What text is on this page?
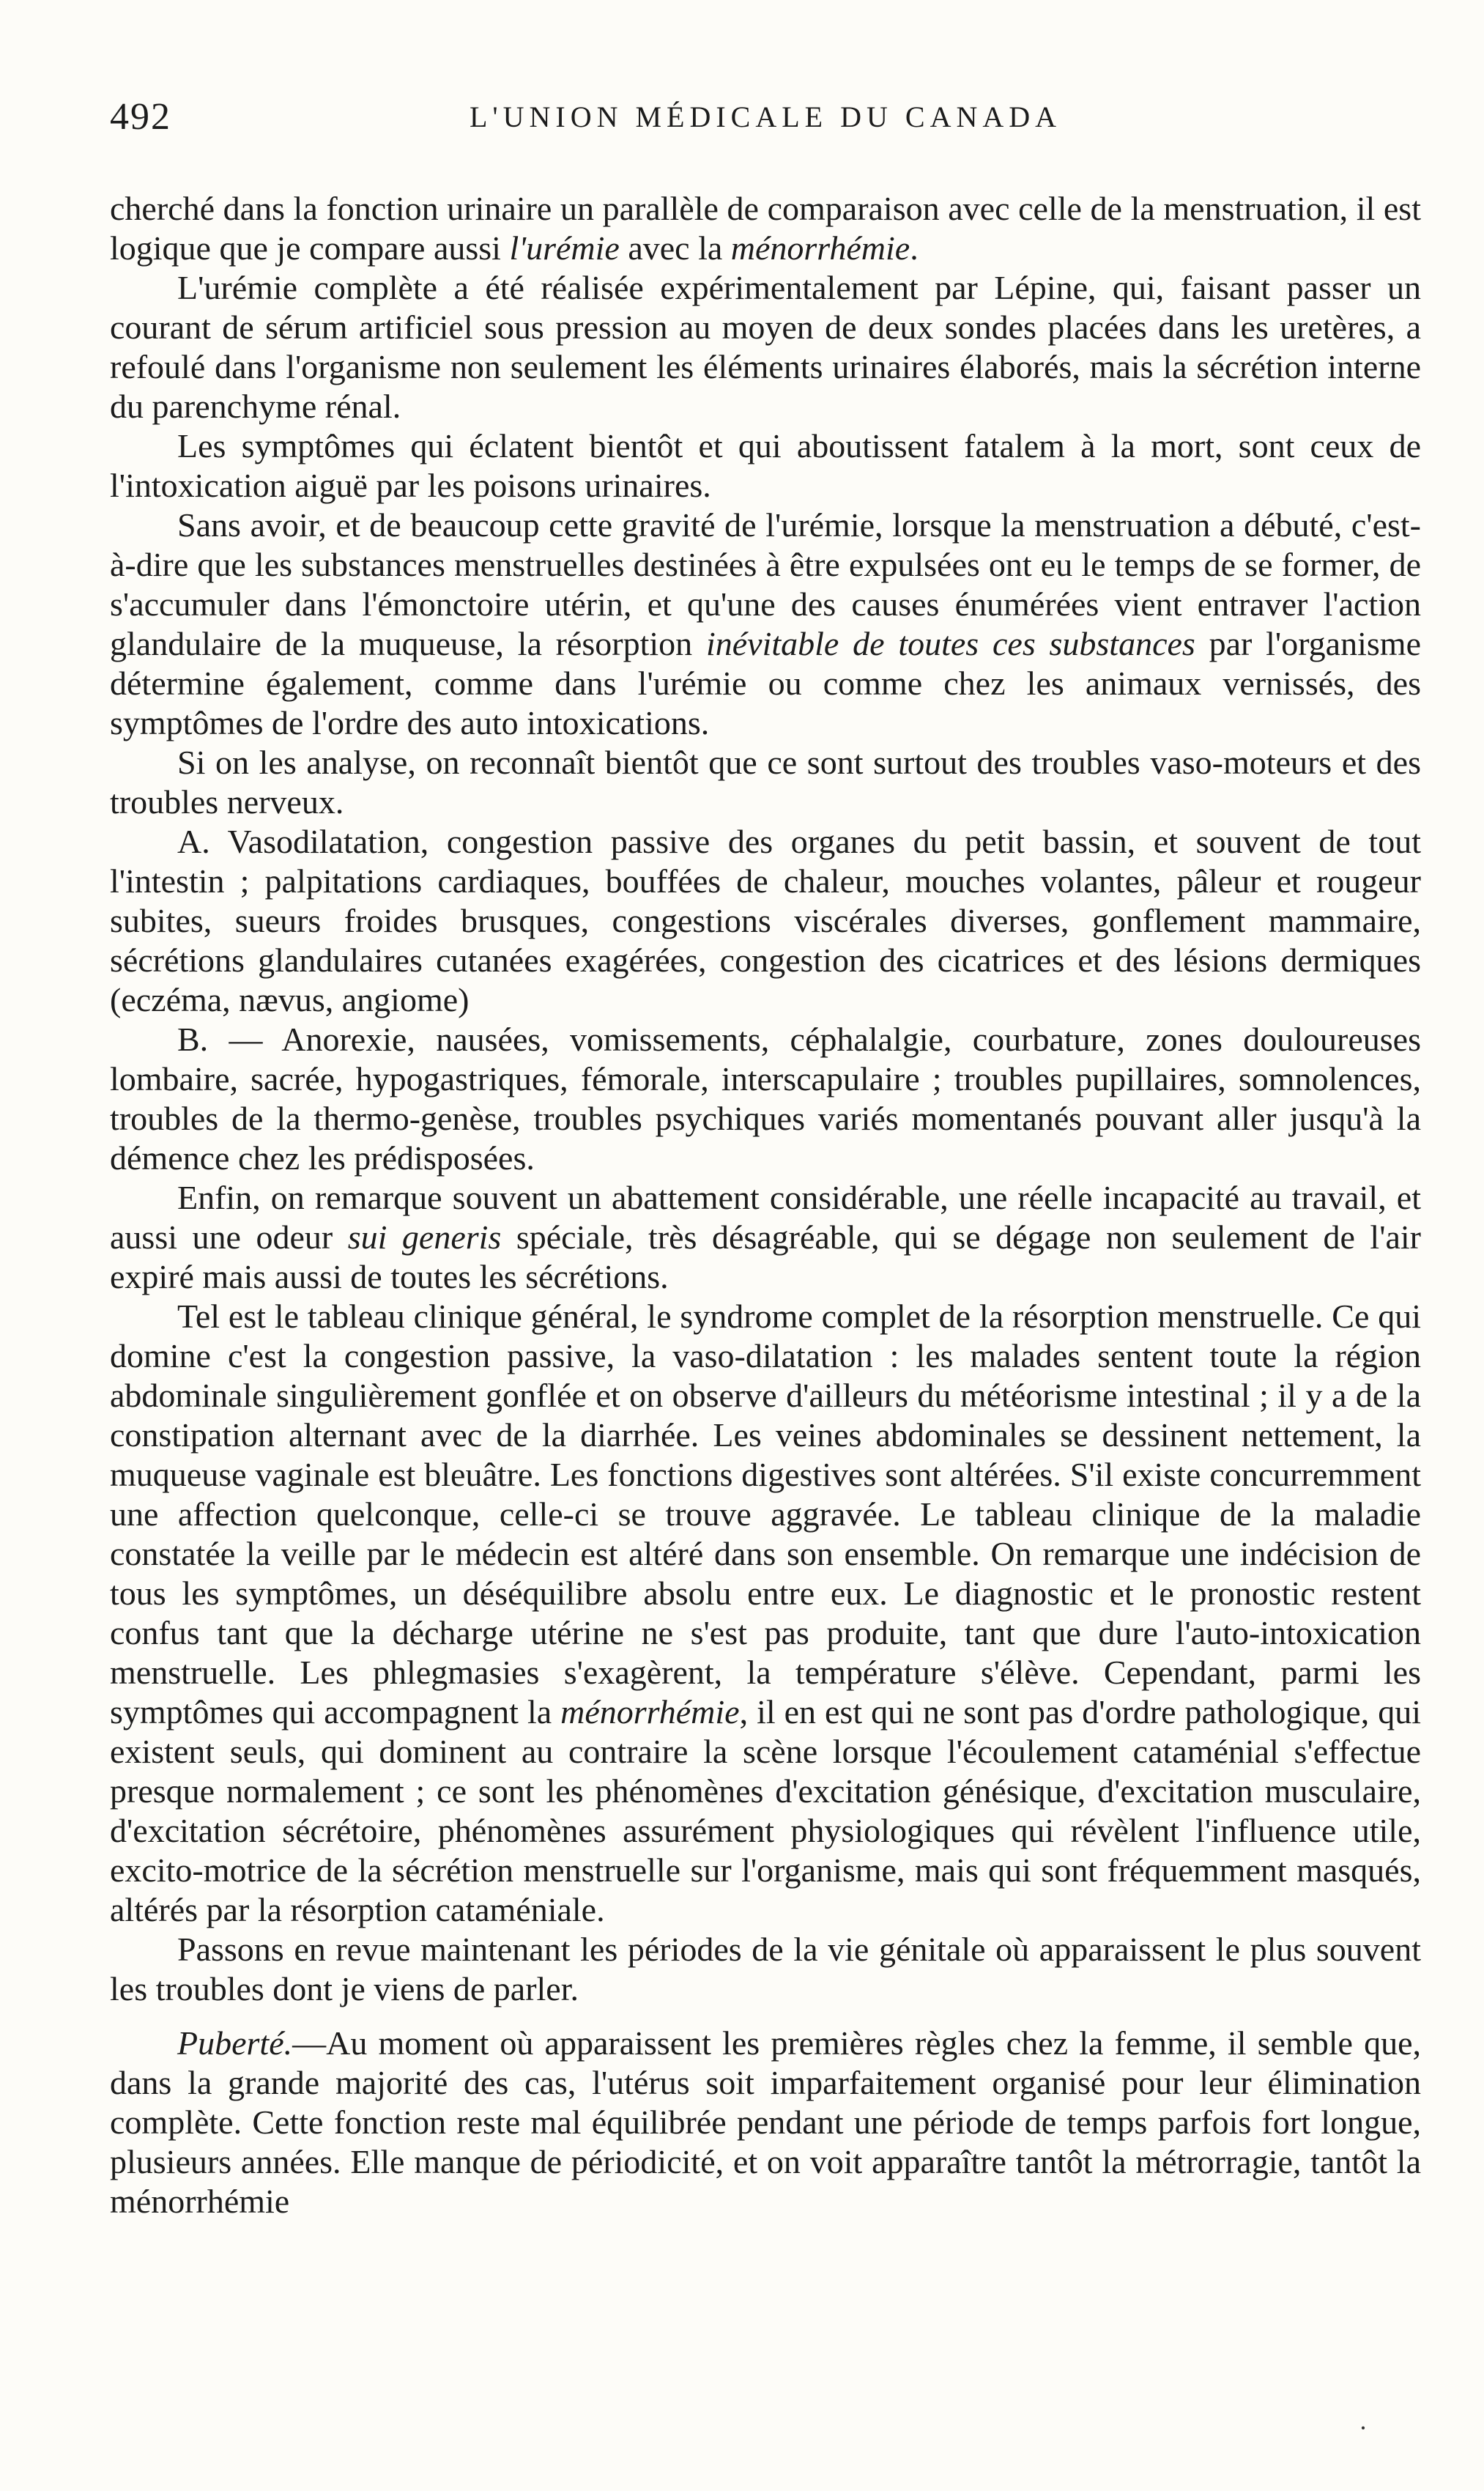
492	L'UNION MÉDICALE DU CANADA

cherché dans la fonction urinaire un parallèle de comparaison avec celle de la menstruation, il est logique que je compare aussi l'urémie avec la ménorrhémie.

L'urémie complète a été réalisée expérimentalement par Lépine, qui, faisant passer un courant de sérum artificiel sous pression au moyen de deux sondes placées dans les uretères, a refoulé dans l'organisme non seulement les éléments urinaires élaborés, mais la sécrétion interne du parenchyme rénal.

Les symptômes qui éclatent bientôt et qui aboutissent fatalem à la mort, sont ceux de l'intoxication aiguë par les poisons urinaires.

Sans avoir, et de beaucoup cette gravité de l'urémie, lorsque la menstruation a débuté, c'est-à-dire que les substances menstruelles destinées à être expulsées ont eu le temps de se former, de s'accumuler dans l'émonctoire utérin, et qu'une des causes énumérées vient entraver l'action glandulaire de la muqueuse, la résorption inévitable de toutes ces substances par l'organisme détermine également, comme dans l'urémie ou comme chez les animaux vernissés, des symptômes de l'ordre des auto intoxications.

Si on les analyse, on reconnaît bientôt que ce sont surtout des troubles vaso-moteurs et des troubles nerveux.

A. Vasodilatation, congestion passive des organes du petit bassin, et souvent de tout l'intestin ; palpitations cardiaques, bouffées de chaleur, mouches volantes, pâleur et rougeur subites, sueurs froides brusques, congestions viscérales diverses, gonflement mammaire, sécrétions glandulaires cutanées exagérées, congestion des cicatrices et des lésions dermiques (eczéma, nævus, angiome)

B. — Anorexie, nausées, vomissements, céphalalgie, courbature, zones douloureuses lombaire, sacrée, hypogastriques, fémorale, interscapulaire ; troubles pupillaires, somnolences, troubles de la thermo-genèse, troubles psychiques variés momentanés pouvant aller jusqu'à la démence chez les prédisposées.

Enfin, on remarque souvent un abattement considérable, une réelle incapacité au travail, et aussi une odeur sui generis spéciale, très désagréable, qui se dégage non seulement de l'air expiré mais aussi de toutes les sécrétions.

Tel est le tableau clinique général, le syndrome complet de la résorption menstruelle. Ce qui domine c'est la congestion passive, la vaso-dilatation : les malades sentent toute la région abdominale singulièrement gonflée et on observe d'ailleurs du météorisme intestinal ; il y a de la constipation alternant avec de la diarrhée. Les veines abdominales se dessinent nettement, la muqueuse vaginale est bleuâtre. Les fonctions digestives sont altérées. S'il existe concurremment une affection quelconque, celle-ci se trouve aggravée. Le tableau clinique de la maladie constatée la veille par le médecin est altéré dans son ensemble. On remarque une indécision de tous les symptômes, un déséquilibre absolu entre eux. Le diagnostic et le pronostic restent confus tant que la décharge utérine ne s'est pas produite, tant que dure l'auto-intoxication menstruelle. Les phlegmasies s'exagèrent, la température s'élève. Cependant, parmi les symptômes qui accompagnent la ménorrhémie, il en est qui ne sont pas d'ordre pathologique, qui existent seuls, qui dominent au contraire la scène lorsque l'écoulement cataménial s'effectue presque normalement ; ce sont les phénomènes d'excitation génésique, d'excitation musculaire, d'excitation sécrétoire, phénomènes assurément physiologiques qui révèlent l'influence utile, excito-motrice de la sécrétion menstruelle sur l'organisme, mais qui sont fréquemment masqués, altérés par la résorption cataméniale.

Passons en revue maintenant les périodes de la vie génitale où apparaissent le plus souvent les troubles dont je viens de parler.

Puberté.—Au moment où apparaissent les premières règles chez la femme, il semble que, dans la grande majorité des cas, l'utérus soit imparfaitement organisé pour leur élimination complète. Cette fonction reste mal équilibrée pendant une période de temps parfois fort longue, plusieurs années. Elle manque de périodicité, et on voit apparaître tantôt la métrorragie, tantôt la ménorrhémie

·
